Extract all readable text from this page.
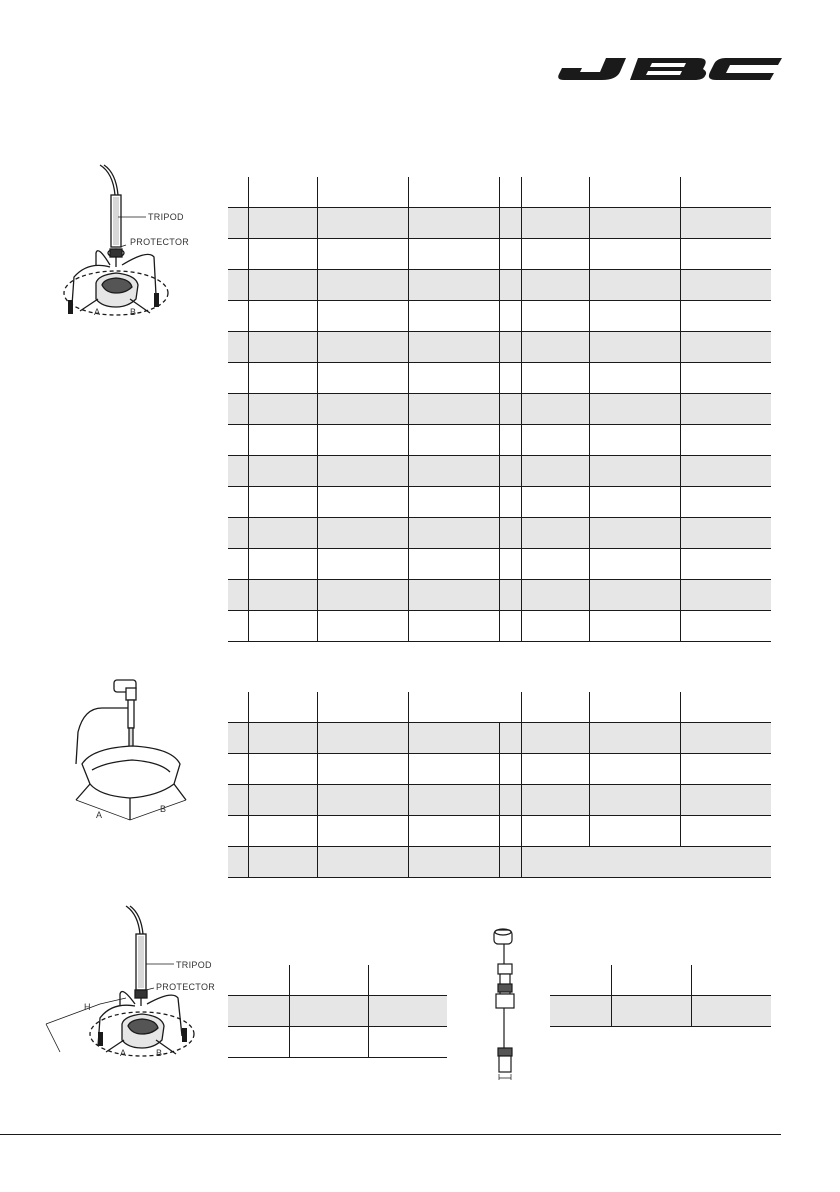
TRIPOD
PROTECTOR
A	B

A
B

TRIPOD
PROTECTOR
H
A	B
